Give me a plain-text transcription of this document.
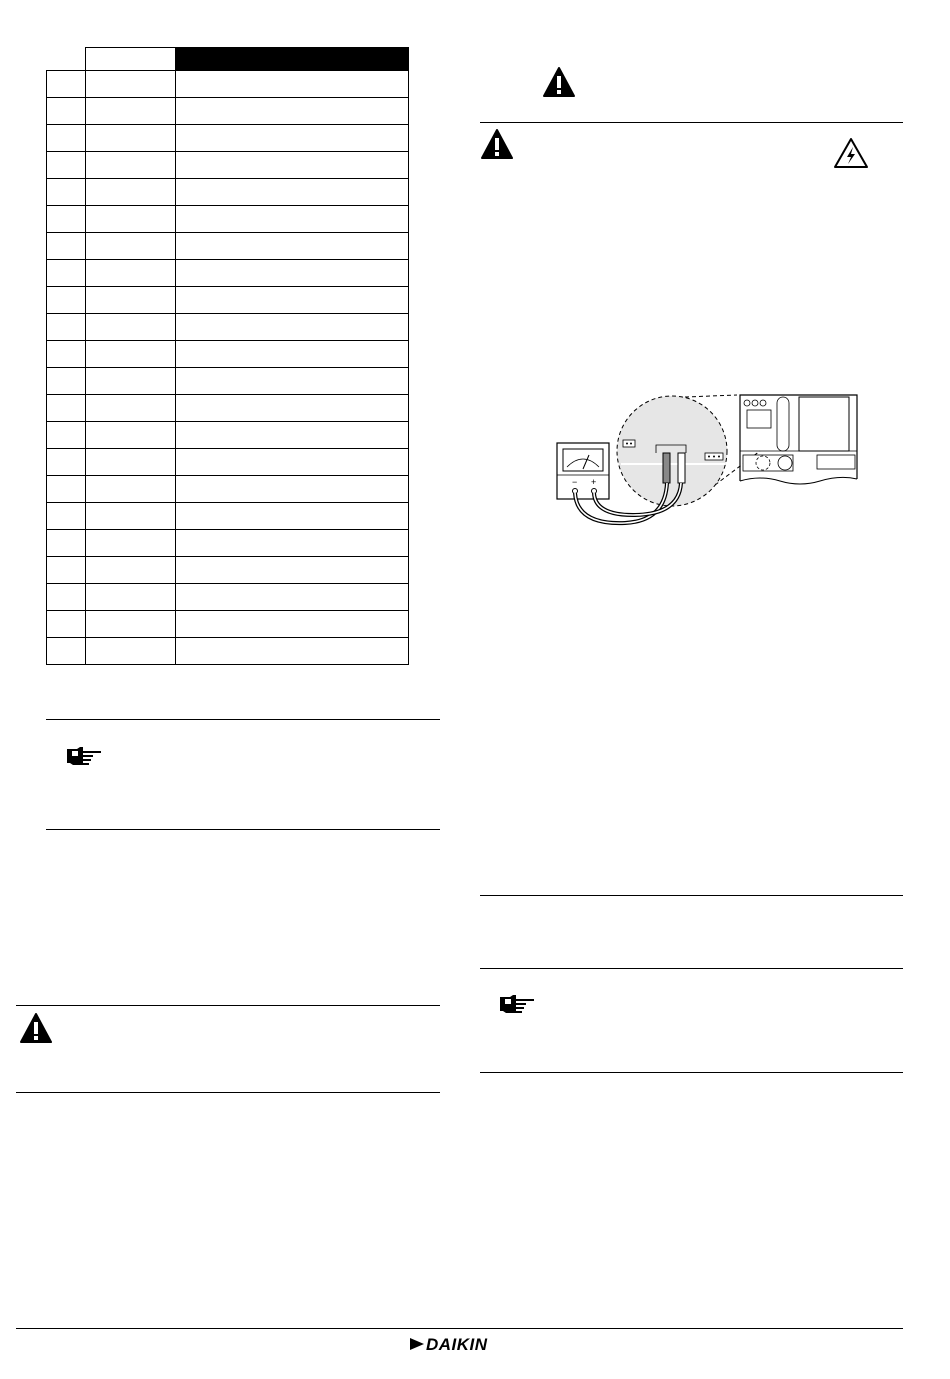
− +
DAIKIN
